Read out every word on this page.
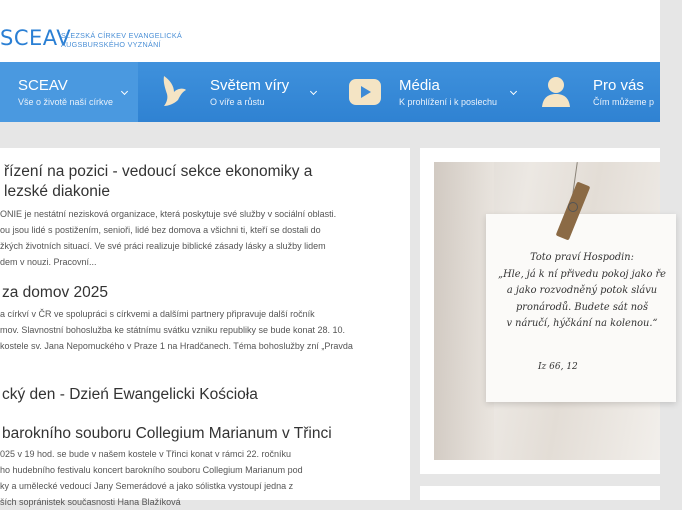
SCEAV
SLEZSKÁ CÍRKEV EVANGELICKÁ
AUGSBURSKÉHO VYZNÁNÍ
SCEAV
Vše o životě naší církve
Světem víry
O víře a růstu
Média
K prohlížení i k poslechu
Pro vás
Čím můžeme p
řízení na pozici - vedoucí sekce ekonomiky a
lezské diakonie
ONIE je nestátní nezisková organizace, která poskytuje své služby v sociální oblasti.
ou jsou lidé s postižením, senioři, lidé bez domova a všichni ti, kteří se dostali do
žkých životních situací. Ve své práci realizuje biblické zásady lásky a služby lidem
dem v nouzi. Pracovní...
za domov 2025
a církví v ČR ve spolupráci s církvemi a dalšími partnery připravuje další ročník
mov. Slavnostní bohoslužba ke státnímu svátku vzniku republiky se bude konat 28. 10.
kostele sv. Jana Nepomuckého v Praze 1 na Hradčanech. Téma bohoslužby zní „Pravda
cký den - Dzień Ewangelicki Kościoła
barokního souboru Collegium Marianum v Třinci
025 v 19 hod. se bude v našem kostele v Třinci konat v rámci 22. ročníku
ho hudebního festivalu koncert barokního souboru Collegium Marianum pod
ky a umělecké vedoucí Jany Semerádové a jako sólistka vystoupí jedna z
ších sopránistek současnosti Hana Blažíková
Toto praví Hospodin:
„Hle, já k ní přivedu pokoj jako ře
a jako rozvodněný potok slávu
pronárodů. Budete sát noš
v náručí, hýčkání na kolenou.“
Iz 66, 12
